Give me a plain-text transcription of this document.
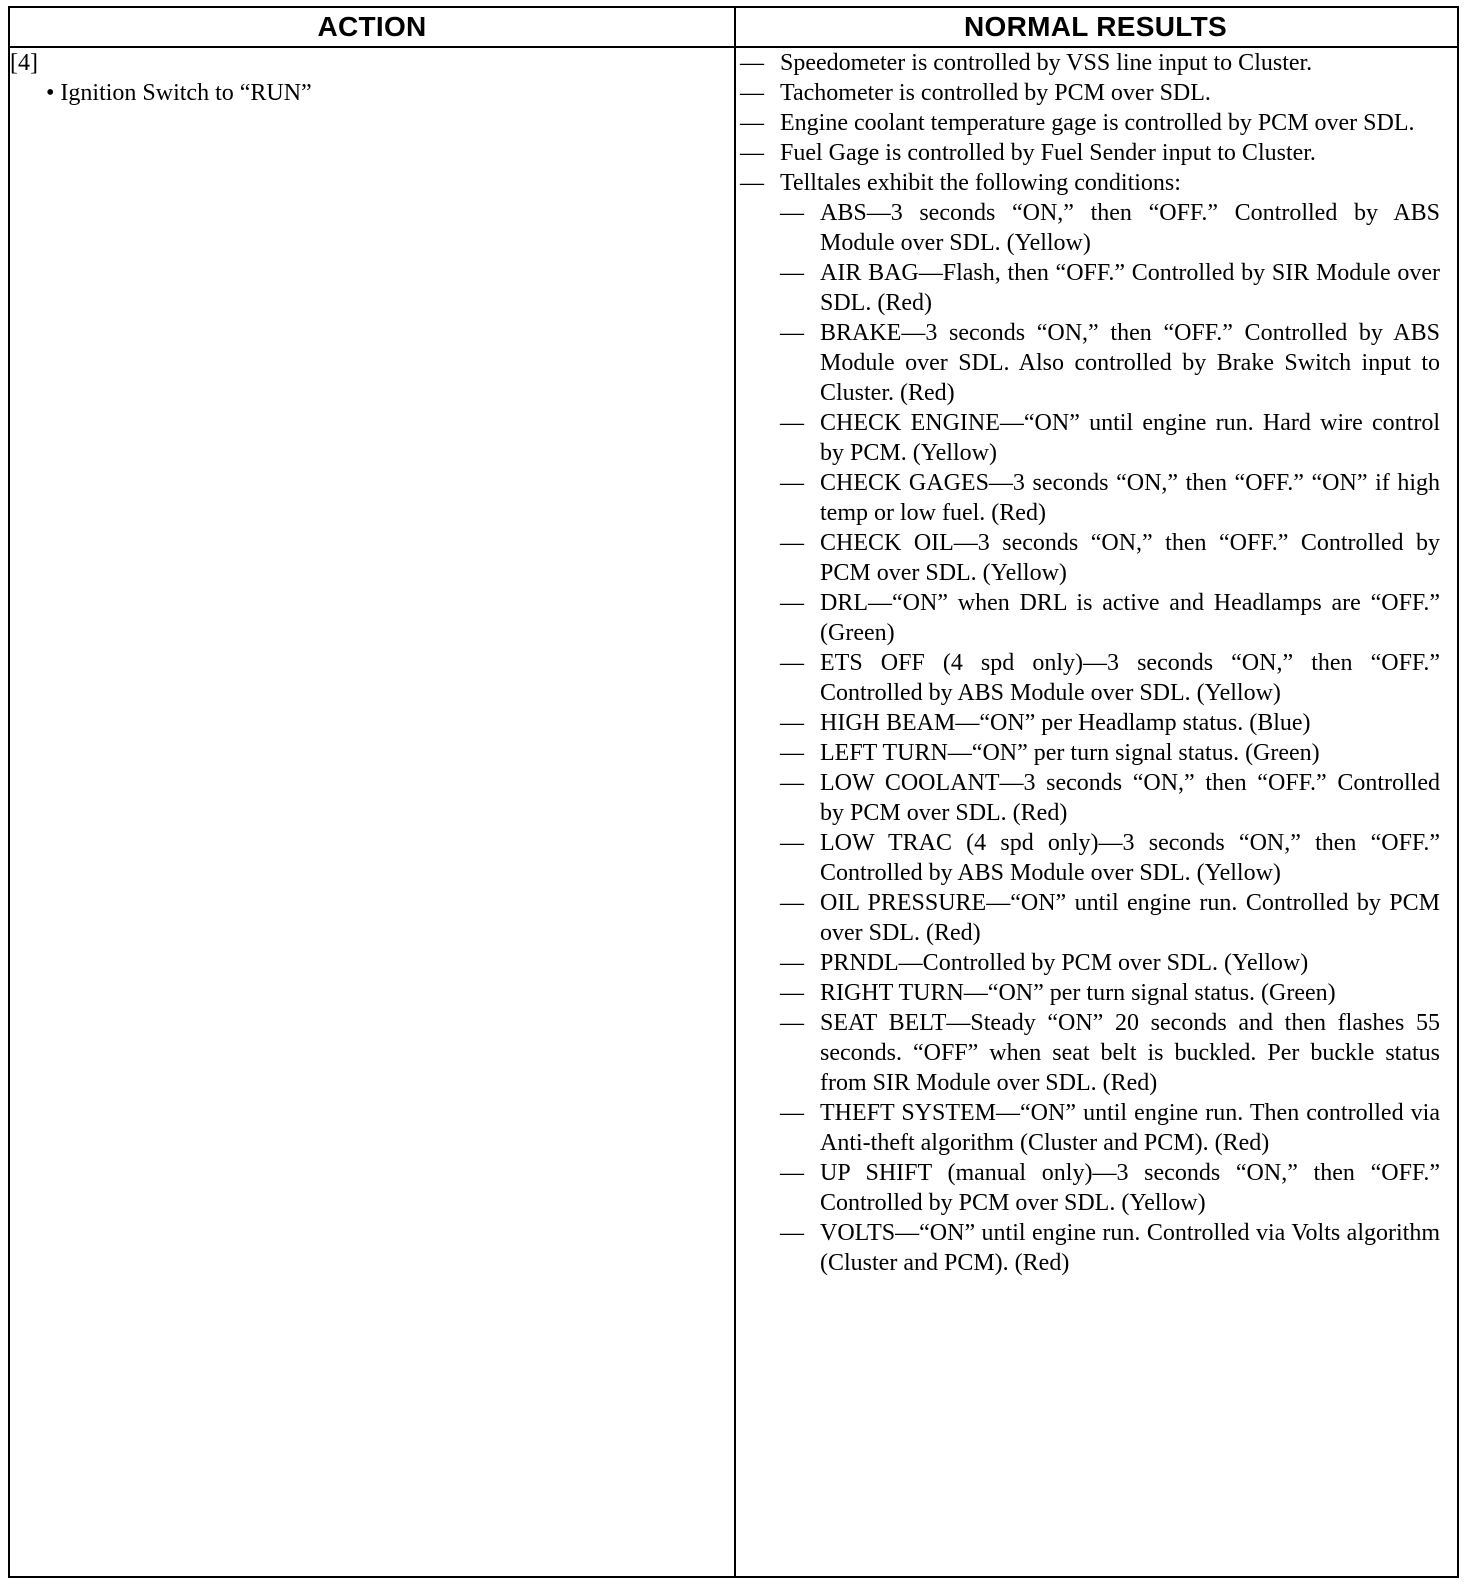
ACTION	NORMAL RESULTS
[4]
• Ignition Switch to “RUN”
— Speedometer is controlled by VSS line input to Cluster.
— Tachometer is controlled by PCM over SDL.
— Engine coolant temperature gage is controlled by PCM over SDL.
— Fuel Gage is controlled by Fuel Sender input to Cluster.
— Telltales exhibit the following conditions:
— ABS—3 seconds “ON,” then “OFF.” Controlled by ABS Module over SDL. (Yellow)
— AIR BAG—Flash, then “OFF.” Controlled by SIR Module over SDL. (Red)
— BRAKE—3 seconds “ON,” then “OFF.” Controlled by ABS Module over SDL. Also controlled by Brake Switch input to Cluster. (Red)
— CHECK ENGINE—“ON” until engine run. Hard wire control by PCM. (Yellow)
— CHECK GAGES—3 seconds “ON,” then “OFF.” “ON” if high temp or low fuel. (Red)
— CHECK OIL—3 seconds “ON,” then “OFF.” Controlled by PCM over SDL. (Yellow)
— DRL—“ON” when DRL is active and Headlamps are “OFF.” (Green)
— ETS OFF (4 spd only)—3 seconds “ON,” then “OFF.” Controlled by ABS Module over SDL. (Yellow)
— HIGH BEAM—“ON” per Headlamp status. (Blue)
— LEFT TURN—“ON” per turn signal status. (Green)
— LOW COOLANT—3 seconds “ON,” then “OFF.” Controlled by PCM over SDL. (Red)
— LOW TRAC (4 spd only)—3 seconds “ON,” then “OFF.” Controlled by ABS Module over SDL. (Yellow)
— OIL PRESSURE—“ON” until engine run. Controlled by PCM over SDL. (Red)
— PRNDL—Controlled by PCM over SDL. (Yellow)
— RIGHT TURN—“ON” per turn signal status. (Green)
— SEAT BELT—Steady “ON” 20 seconds and then flashes 55 seconds. “OFF” when seat belt is buckled. Per buckle status from SIR Module over SDL. (Red)
— THEFT SYSTEM—“ON” until engine run. Then controlled via Anti-theft algorithm (Cluster and PCM). (Red)
— UP SHIFT (manual only)—3 seconds “ON,” then “OFF.” Controlled by PCM over SDL. (Yellow)
— VOLTS—“ON” until engine run. Controlled via Volts algorithm (Cluster and PCM). (Red)
